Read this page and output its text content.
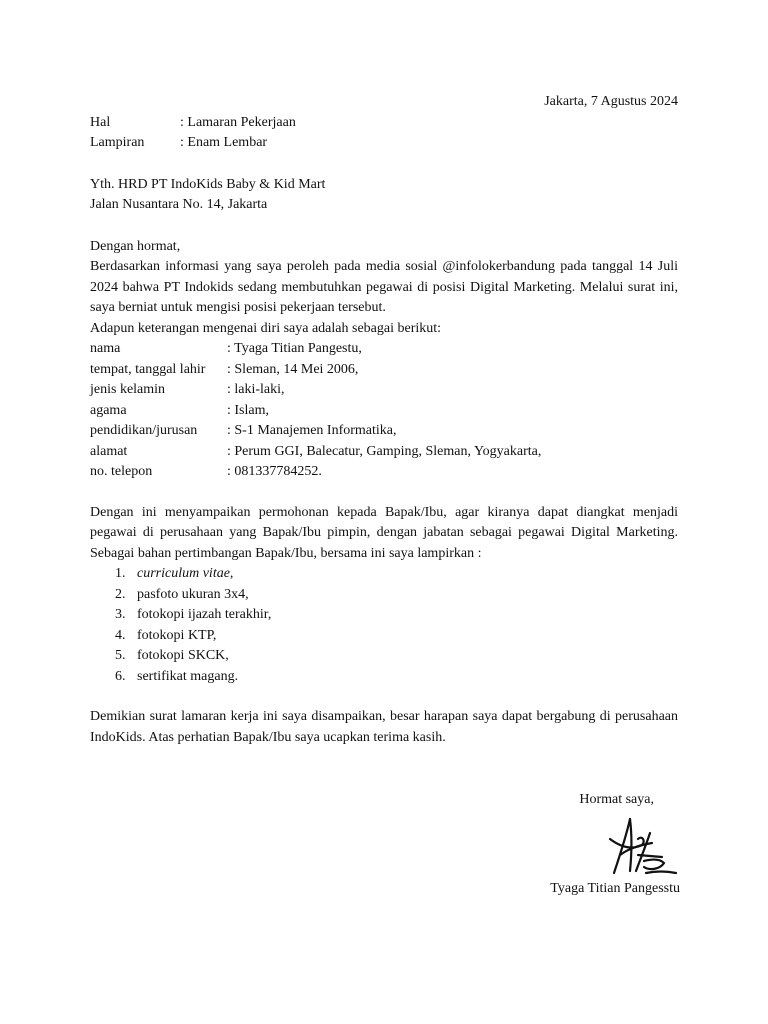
Jakarta, 7 Agustus 2024
Hal	: Lamaran Pekerjaan
Lampiran	: Enam Lembar
Yth. HRD PT IndoKids Baby & Kid Mart
Jalan Nusantara No. 14, Jakarta
Dengan hormat,
Berdasarkan informasi yang saya peroleh pada media sosial @infolokerbandung pada tanggal 14 Juli 2024 bahwa PT Indokids sedang membutuhkan pegawai di posisi Digital Marketing. Melalui surat ini, saya berniat untuk mengisi posisi pekerjaan tersebut.
Adapun keterangan mengenai diri saya adalah sebagai berikut:
nama	: Tyaga Titian Pangestu,
tempat, tanggal lahir	: Sleman, 14 Mei 2006,
jenis kelamin	: laki-laki,
agama	: Islam,
pendidikan/jurusan	: S-1 Manajemen Informatika,
alamat	: Perum GGI, Balecatur, Gamping, Sleman, Yogyakarta,
no. telepon	: 081337784252.
Dengan ini menyampaikan permohonan kepada Bapak/Ibu, agar kiranya dapat diangkat menjadi pegawai di perusahaan yang Bapak/Ibu pimpin, dengan jabatan sebagai pegawai Digital Marketing. Sebagai bahan pertimbangan Bapak/Ibu, bersama ini saya lampirkan :
1. curriculum vitae,
2. pasfoto ukuran 3x4,
3. fotokopi ijazah terakhir,
4. fotokopi KTP,
5. fotokopi SKCK,
6. sertifikat magang.
Demikian surat lamaran kerja ini saya disampaikan, besar harapan saya dapat bergabung di perusahaan IndoKids. Atas perhatian Bapak/Ibu saya ucapkan terima kasih.
Hormat saya,
Tyaga Titian Pangesstu
